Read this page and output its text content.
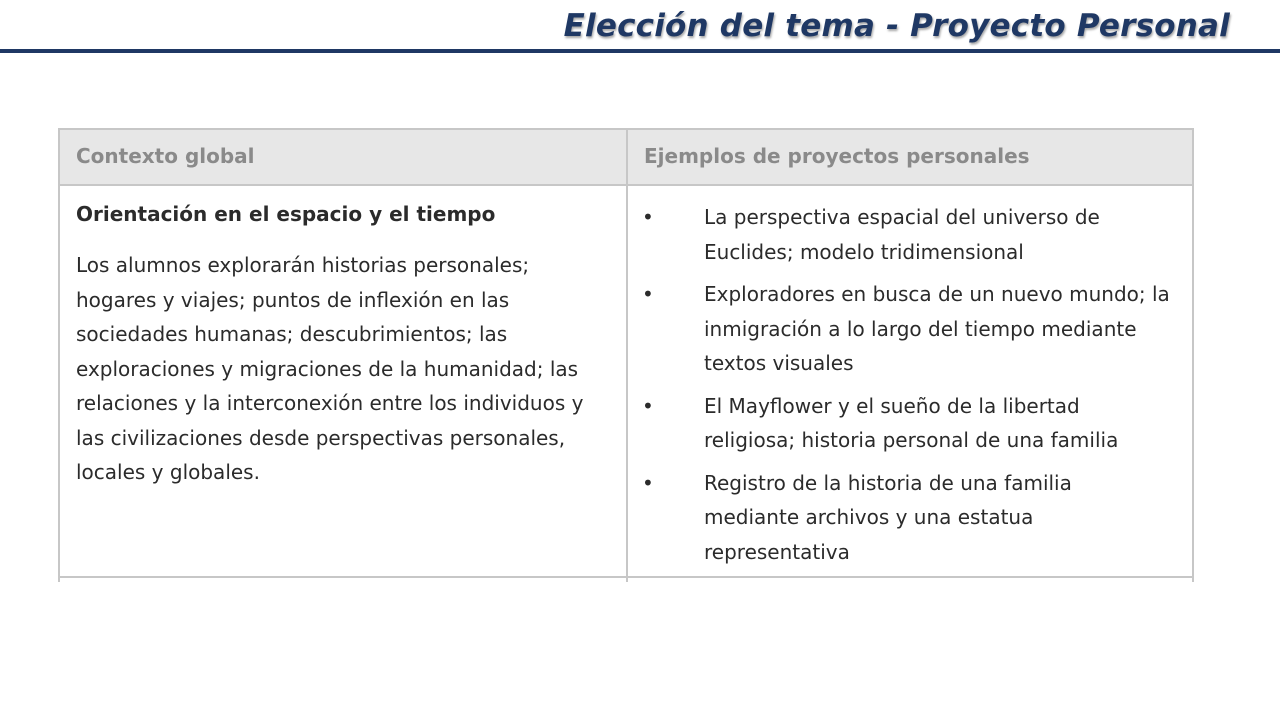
Elección del tema - Proyecto Personal
Contexto global	Ejemplos de proyectos personales

Orientación en el espacio y el tiempo

Los alumnos explorarán historias personales; hogares y viajes; puntos de inflexión en las sociedades humanas; descubrimientos; las exploraciones y migraciones de la humanidad; las relaciones y la interconexión entre los individuos y las civilizaciones desde perspectivas personales, locales y globales.

•	La perspectiva espacial del universo de Euclides; modelo tridimensional
•	Exploradores en busca de un nuevo mundo; la inmigración a lo largo del tiempo mediante textos visuales
•	El Mayflower y el sueño de la libertad religiosa; historia personal de una familia
•	Registro de la historia de una familia mediante archivos y una estatua representativa
